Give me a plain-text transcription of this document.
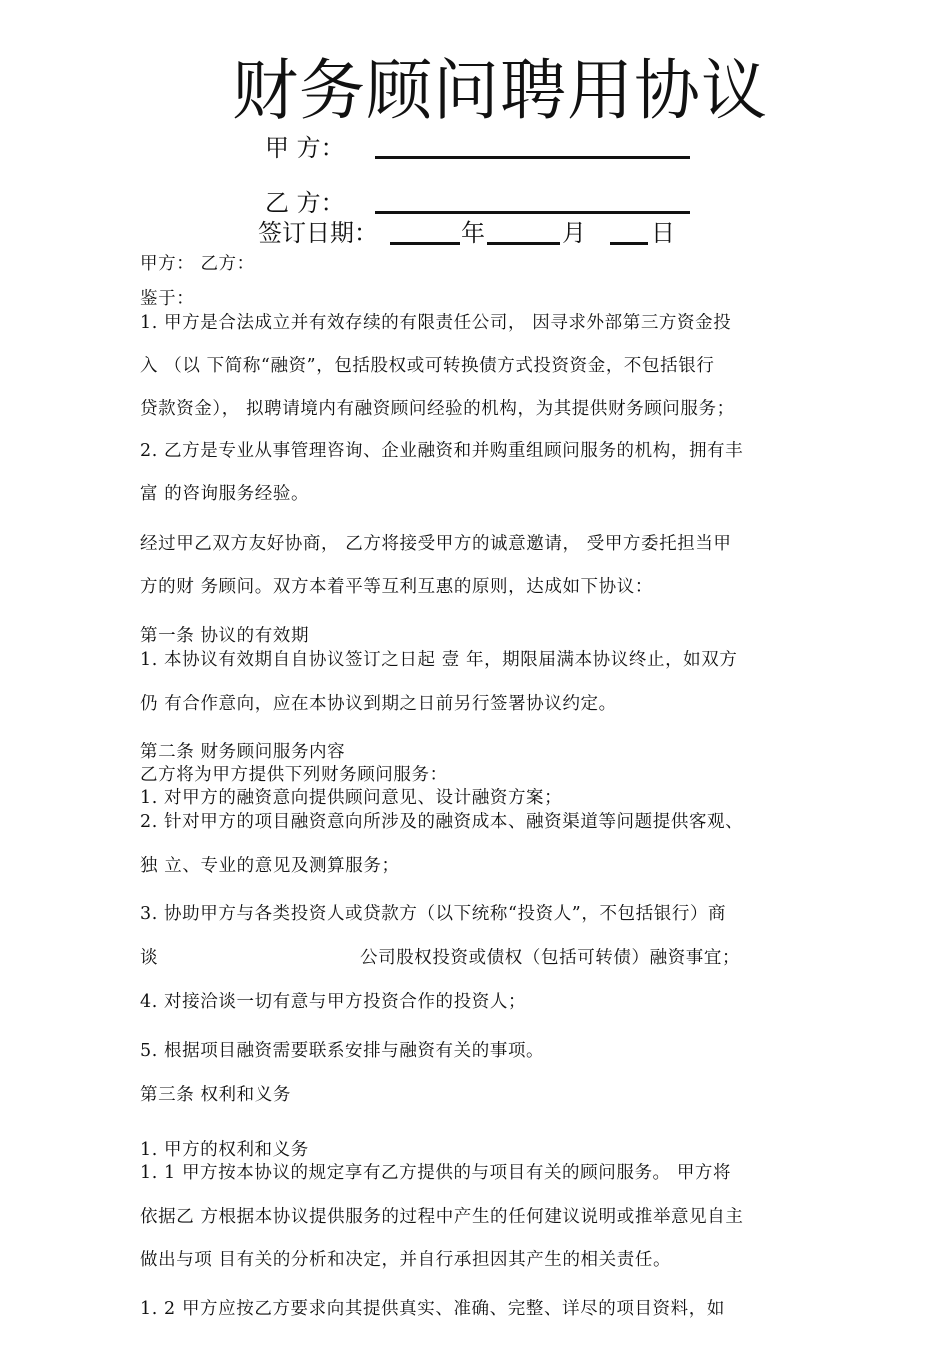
财务顾问聘用协议
甲 方：
乙 方：
签订日期：	年	月	日
甲方： 乙方：
鉴于：
1. 甲方是合法成立并有效存续的有限责任公司， 因寻求外部第三方资金投
入 （以 下简称“融资”，包括股权或可转换债方式投资资金，不包括银行
贷款资金）， 拟聘请境内有融资顾问经验的机构，为其提供财务顾问服务；
2. 乙方是专业从事管理咨询、企业融资和并购重组顾问服务的机构，拥有丰
富 的咨询服务经验。
经过甲乙双方友好协商， 乙方将接受甲方的诚意邀请， 受甲方委托担当甲
方的财 务顾问。双方本着平等互利互惠的原则，达成如下协议：
第一条 协议的有效期
1. 本协议有效期自自协议签订之日起 壹 年，期限届满本协议终止，如双方
仍 有合作意向，应在本协议到期之日前另行签署协议约定。
第二条 财务顾问服务内容
乙方将为甲方提供下列财务顾问服务：
1. 对甲方的融资意向提供顾问意见、设计融资方案；
2. 针对甲方的项目融资意向所涉及的融资成本、融资渠道等问题提供客观、
独 立、专业的意见及测算服务；
3. 协助甲方与各类投资人或贷款方（以下统称“投资人”，不包括银行）商
谈	公司股权投资或债权（包括可转债）融资事宜；
4. 对接洽谈一切有意与甲方投资合作的投资人；
5. 根据项目融资需要联系安排与融资有关的事项。
第三条 权利和义务
1. 甲方的权利和义务
1. 1 甲方按本协议的规定享有乙方提供的与项目有关的顾问服务。 甲方将
依据乙 方根据本协议提供服务的过程中产生的任何建议说明或推举意见自主
做出与项 目有关的分析和决定，并自行承担因其产生的相关责任。
1. 2 甲方应按乙方要求向其提供真实、准确、完整、详尽的项目资料，如
